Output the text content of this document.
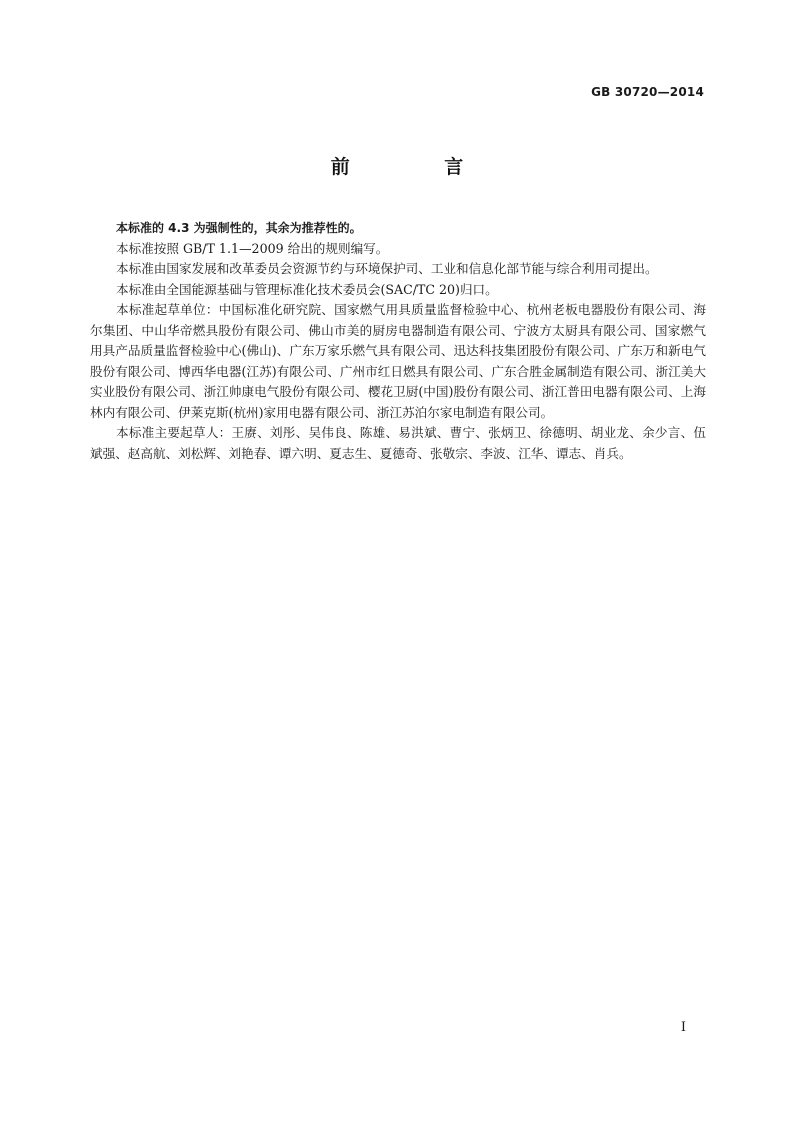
GB 30720—2014
前 言

本标准的 4.3 为强制性的，其余为推荐性的。

本标准按照 GB/T 1.1—2009 给出的规则编写。

本标准由国家发展和改革委员会资源节约与环境保护司、工业和信息化部节能与综合利用司提出。

本标准由全国能源基础与管理标准化技术委员会(SAC/TC 20)归口。

本标准起草单位：中国标准化研究院、国家燃气用具质量监督检验中心、杭州老板电器股份有限公司、海尔集团、中山华帝燃具股份有限公司、佛山市美的厨房电器制造有限公司、宁波方太厨具有限公司、国家燃气用具产品质量监督检验中心(佛山)、广东万家乐燃气具有限公司、迅达科技集团股份有限公司、广东万和新电气股份有限公司、博西华电器(江苏)有限公司、广州市红日燃具有限公司、广东合胜金属制造有限公司、浙江美大实业股份有限公司、浙江帅康电气股份有限公司、樱花卫厨(中国)股份有限公司、浙江普田电器有限公司、上海林内有限公司、伊莱克斯(杭州)家用电器有限公司、浙江苏泊尔家电制造有限公司。

本标准主要起草人：王赓、刘彤、吴伟良、陈雄、易洪斌、曹宁、张炳卫、徐德明、胡业龙、余少言、伍斌强、赵高航、刘松辉、刘艳春、谭六明、夏志生、夏德奇、张敬宗、李波、江华、谭志、肖兵。

I
